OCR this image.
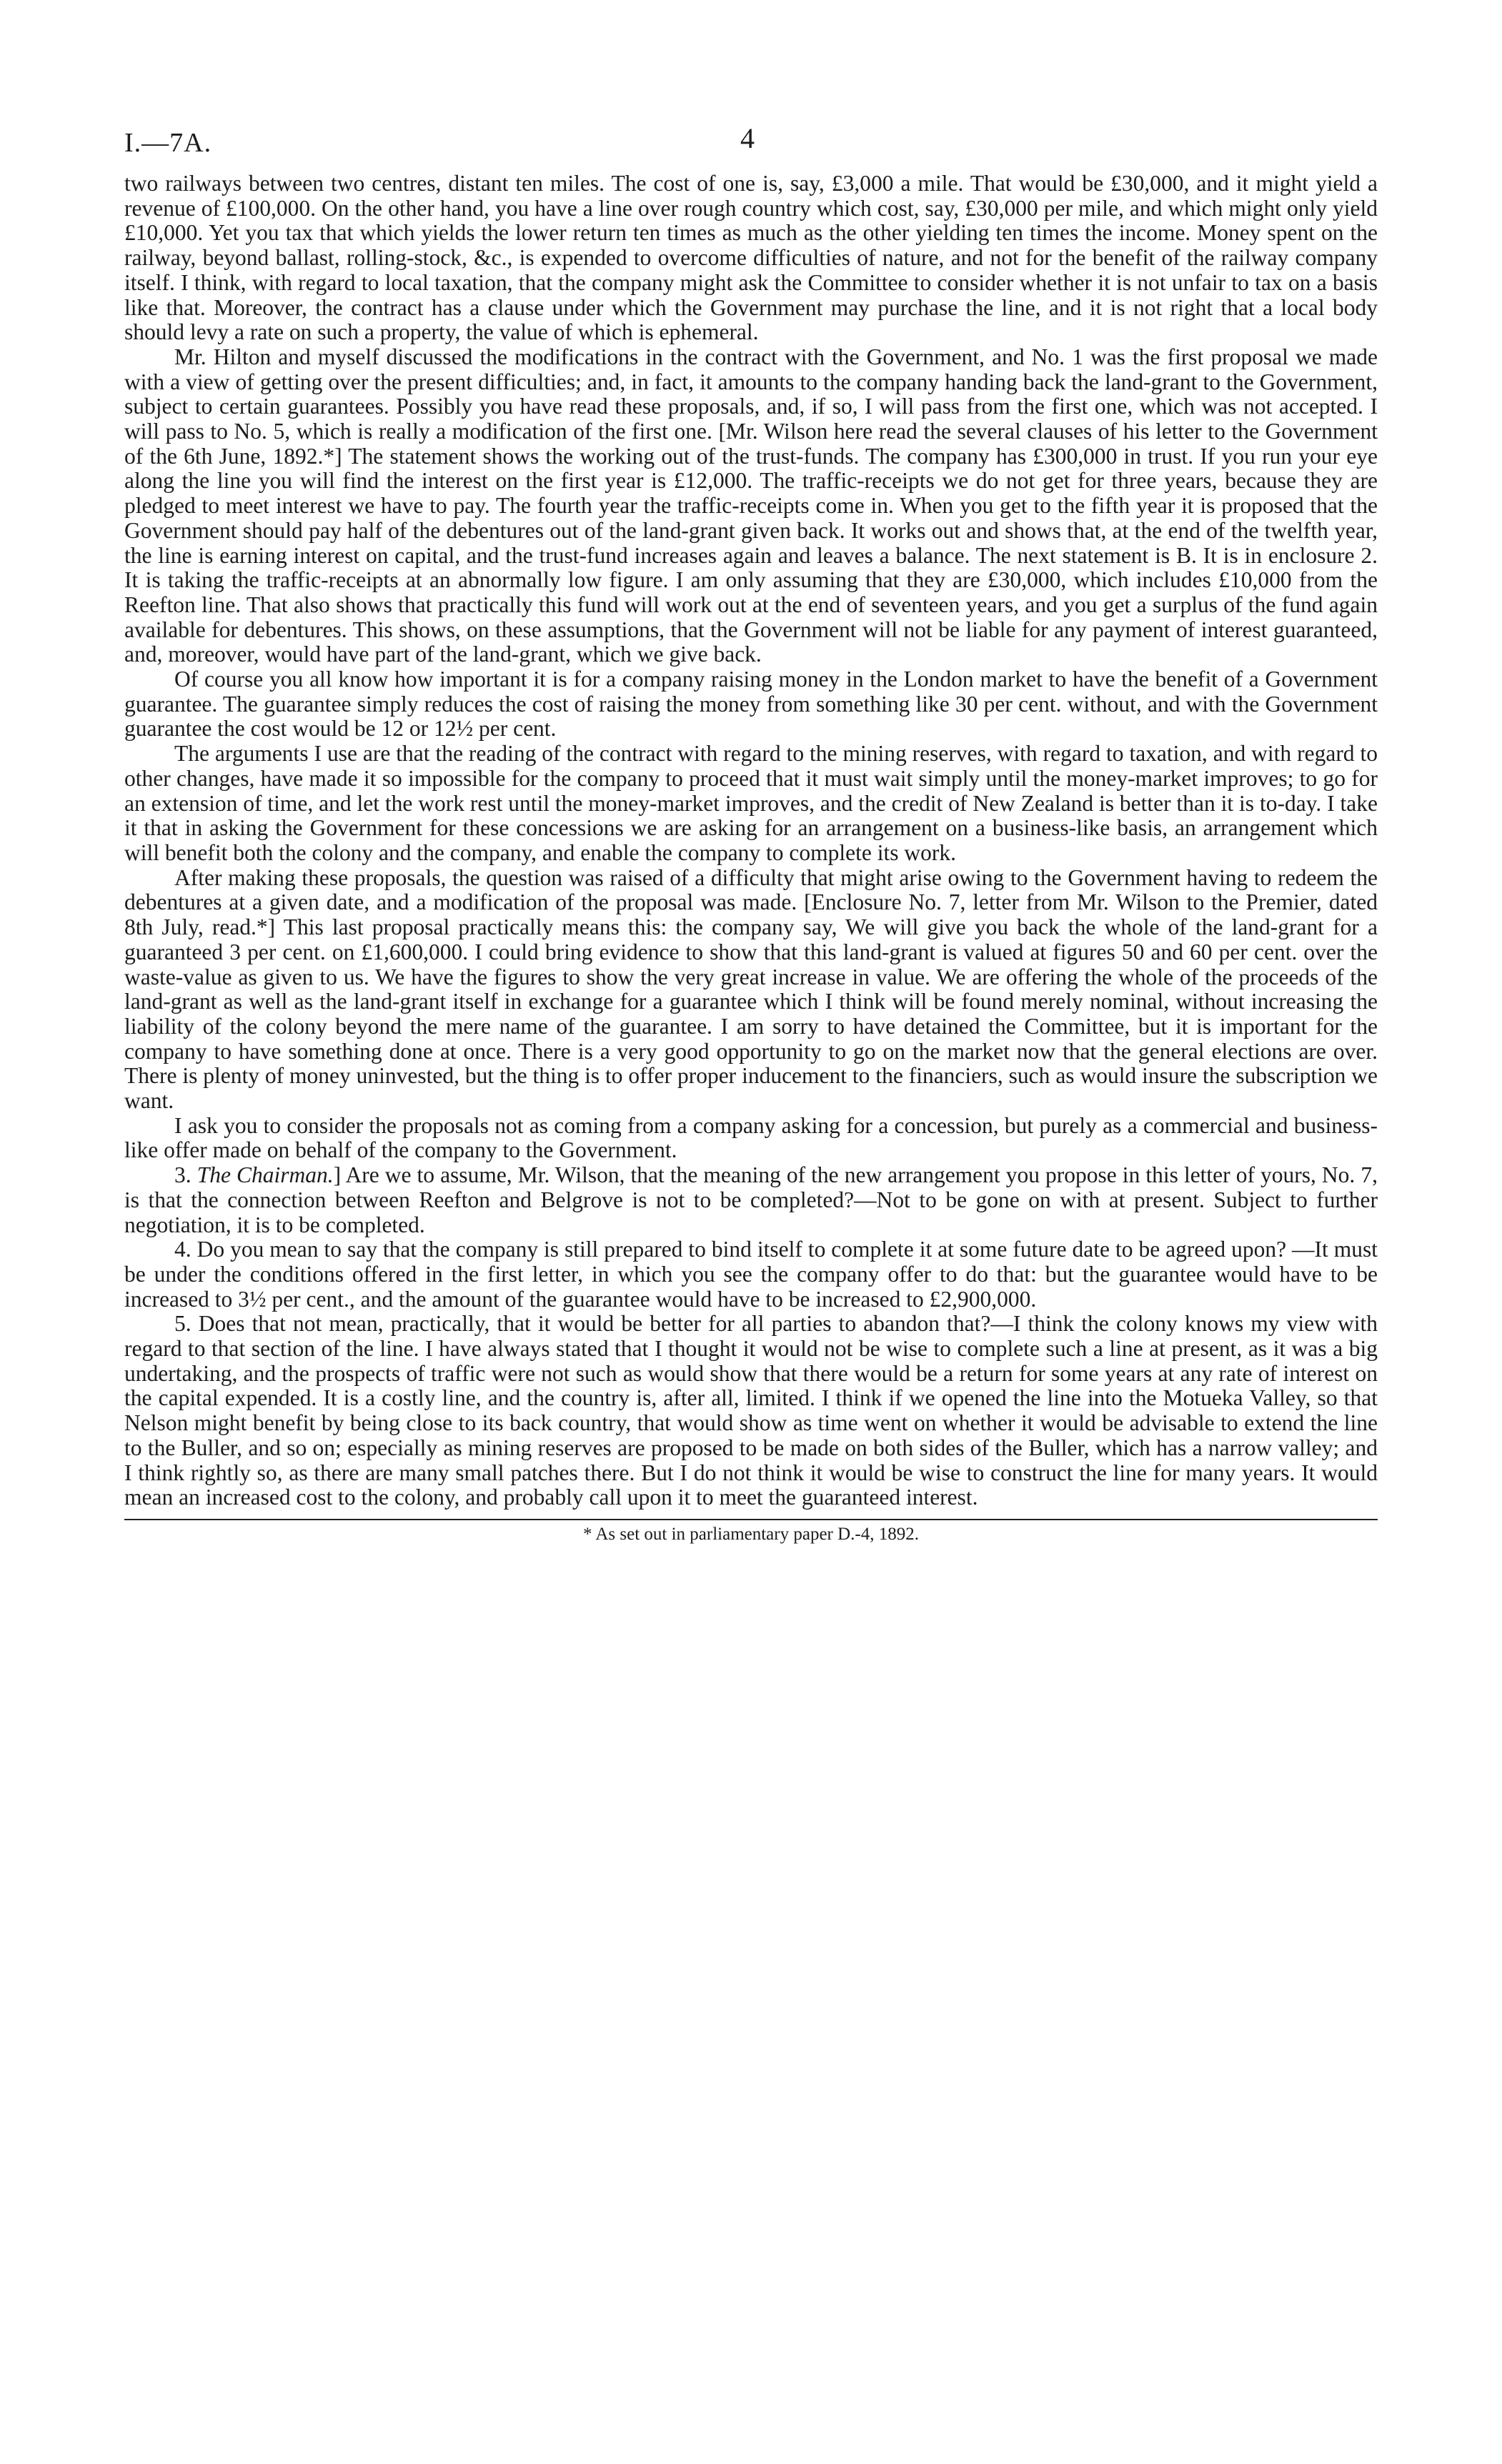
I.—7A.	4

two railways between two centres, distant ten miles. The cost of one is, say, £3,000 a mile. That would be £30,000, and it might yield a revenue of £100,000. On the other hand, you have a line over rough country which cost, say, £30,000 per mile, and which might only yield £10,000. Yet you tax that which yields the lower return ten times as much as the other yielding ten times the income. Money spent on the railway, beyond ballast, rolling-stock, &c., is expended to overcome difficulties of nature, and not for the benefit of the railway company itself. I think, with regard to local taxation, that the company might ask the Committee to consider whether it is not unfair to tax on a basis like that. Moreover, the contract has a clause under which the Government may purchase the line, and it is not right that a local body should levy a rate on such a property, the value of which is ephemeral.

Mr. Hilton and myself discussed the modifications in the contract with the Government, and No. 1 was the first proposal we made with a view of getting over the present difficulties; and, in fact, it amounts to the company handing back the land-grant to the Government, subject to certain guarantees. Possibly you have read these proposals, and, if so, I will pass from the first one, which was not accepted. I will pass to No. 5, which is really a modification of the first one. [Mr. Wilson here read the several clauses of his letter to the Government of the 6th June, 1892.*] The statement shows the working out of the trust-funds. The company has £300,000 in trust. If you run your eye along the line you will find the interest on the first year is £12,000. The traffic-receipts we do not get for three years, because they are pledged to meet interest we have to pay. The fourth year the traffic-receipts come in. When you get to the fifth year it is proposed that the Government should pay half of the debentures out of the land-grant given back. It works out and shows that, at the end of the twelfth year, the line is earning interest on capital, and the trust-fund increases again and leaves a balance. The next statement is B. It is in enclosure 2. It is taking the traffic-receipts at an abnormally low figure. I am only assuming that they are £30,000, which includes £10,000 from the Reefton line. That also shows that practically this fund will work out at the end of seventeen years, and you get a surplus of the fund again available for debentures. This shows, on these assumptions, that the Government will not be liable for any payment of interest guaranteed, and, moreover, would have part of the land-grant, which we give back.

Of course you all know how important it is for a company raising money in the London market to have the benefit of a Government guarantee. The guarantee simply reduces the cost of raising the money from something like 30 per cent. without, and with the Government guarantee the cost would be 12 or 12½ per cent.

The arguments I use are that the reading of the contract with regard to the mining reserves, with regard to taxation, and with regard to other changes, have made it so impossible for the company to proceed that it must wait simply until the money-market improves; to go for an extension of time, and let the work rest until the money-market improves, and the credit of New Zealand is better than it is to-day. I take it that in asking the Government for these concessions we are asking for an arrangement on a business-like basis, an arrangement which will benefit both the colony and the company, and enable the company to complete its work.

After making these proposals, the question was raised of a difficulty that might arise owing to the Government having to redeem the debentures at a given date, and a modification of the proposal was made. [Enclosure No. 7, letter from Mr. Wilson to the Premier, dated 8th July, read.*] This last proposal practically means this: the company say, We will give you back the whole of the land-grant for a guaranteed 3 per cent. on £1,600,000. I could bring evidence to show that this land-grant is valued at figures 50 and 60 per cent. over the waste-value as given to us. We have the figures to show the very great increase in value. We are offering the whole of the proceeds of the land-grant as well as the land-grant itself in exchange for a guarantee which I think will be found merely nominal, without increasing the liability of the colony beyond the mere name of the guarantee. I am sorry to have detained the Committee, but it is important for the company to have something done at once. There is a very good opportunity to go on the market now that the general elections are over. There is plenty of money uninvested, but the thing is to offer proper inducement to the financiers, such as would insure the subscription we want.

I ask you to consider the proposals not as coming from a company asking for a concession, but purely as a commercial and business-like offer made on behalf of the company to the Government.

3. The Chairman.] Are we to assume, Mr. Wilson, that the meaning of the new arrangement you propose in this letter of yours, No. 7, is that the connection between Reefton and Belgrove is not to be completed?—Not to be gone on with at present. Subject to further negotiation, it is to be completed.

4. Do you mean to say that the company is still prepared to bind itself to complete it at some future date to be agreed upon? —It must be under the conditions offered in the first letter, in which you see the company offer to do that: but the guarantee would have to be increased to 3½ per cent., and the amount of the guarantee would have to be increased to £2,900,000.

5. Does that not mean, practically, that it would be better for all parties to abandon that?—I think the colony knows my view with regard to that section of the line. I have always stated that I thought it would not be wise to complete such a line at present, as it was a big undertaking, and the prospects of traffic were not such as would show that there would be a return for some years at any rate of interest on the capital expended. It is a costly line, and the country is, after all, limited. I think if we opened the line into the Motueka Valley, so that Nelson might benefit by being close to its back country, that would show as time went on whether it would be advisable to extend the line to the Buller, and so on; especially as mining reserves are proposed to be made on both sides of the Buller, which has a narrow valley; and I think rightly so, as there are many small patches there. But I do not think it would be wise to construct the line for many years. It would mean an increased cost to the colony, and probably call upon it to meet the guaranteed interest.

* As set out in parliamentary paper D.-4, 1892.
